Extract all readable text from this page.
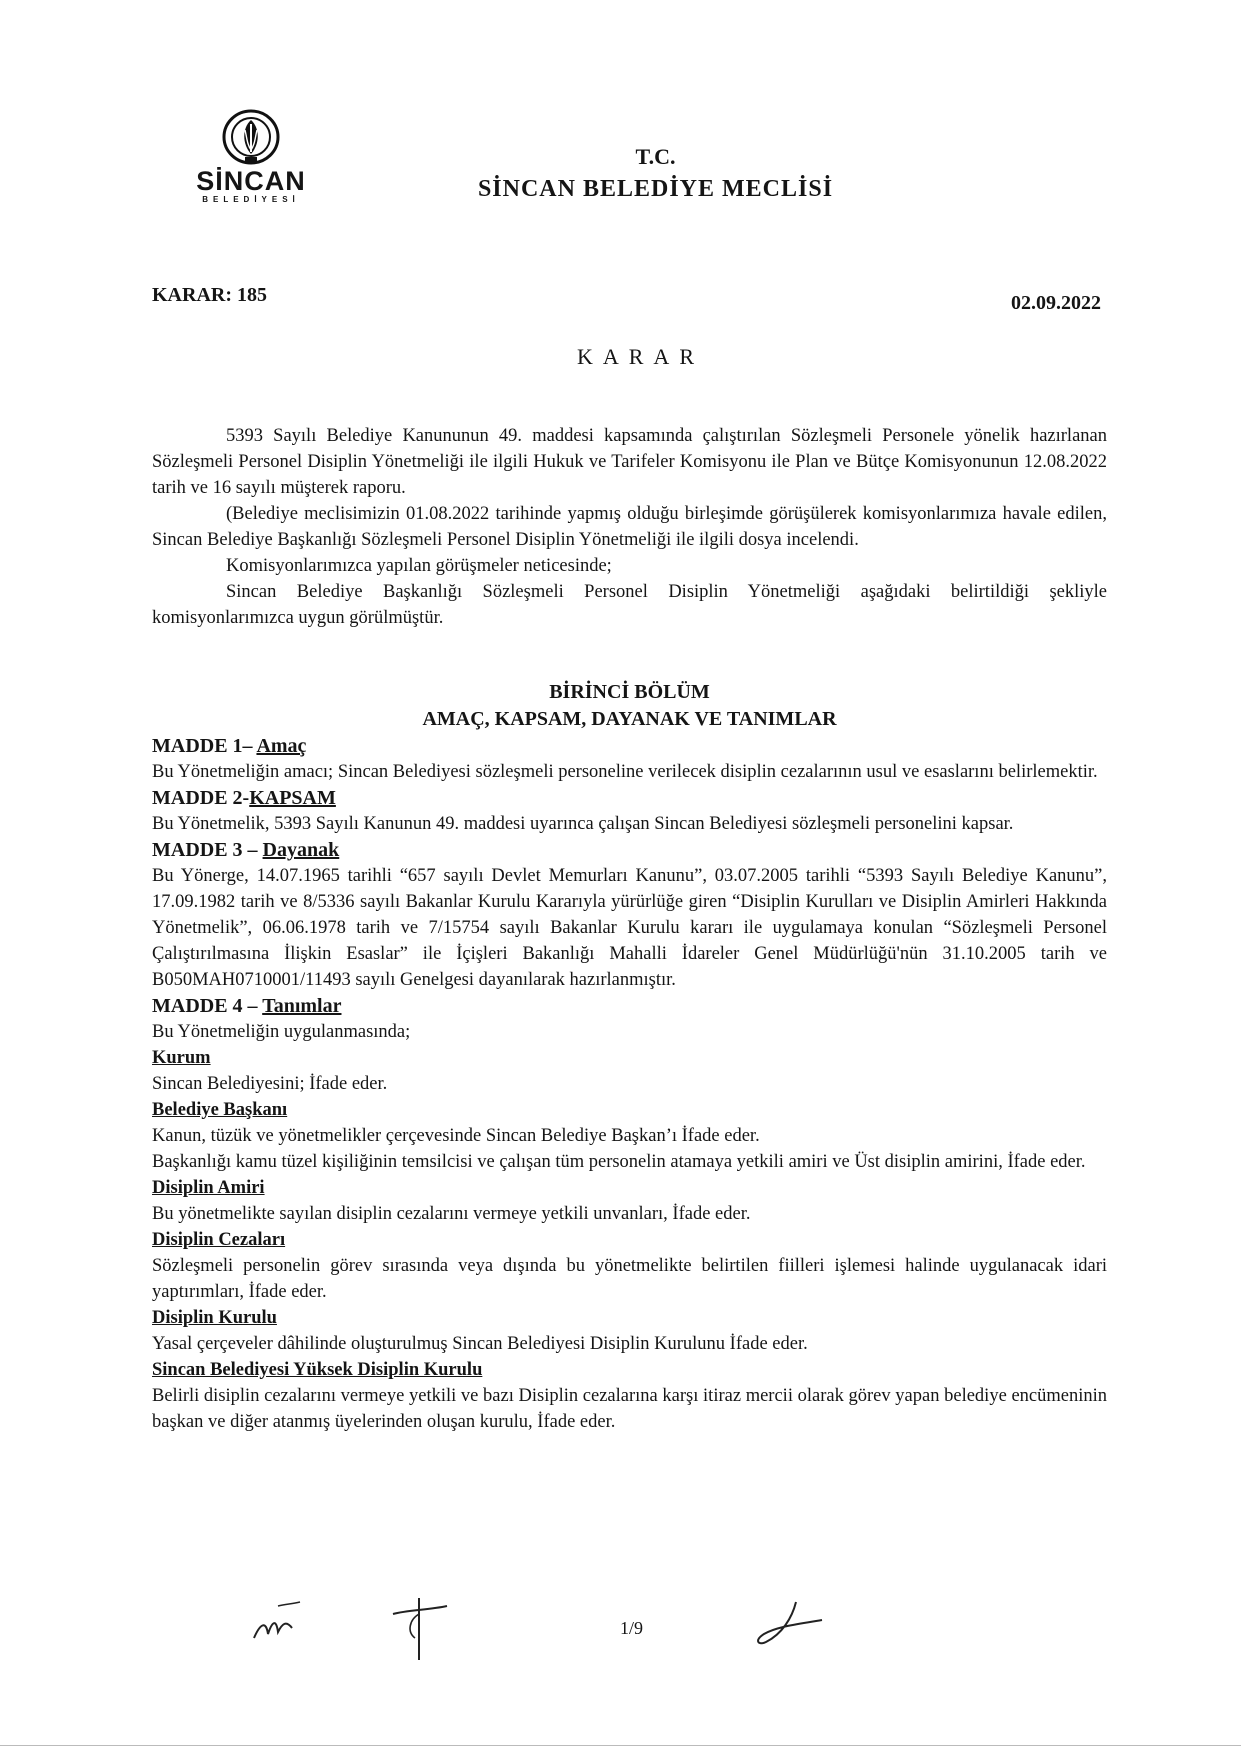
SİNCAN
BELEDİYESİ
T.C.
SİNCAN BELEDİYE MECLİSİ
KARAR: 185	02.09.2022
KARAR

5393 Sayılı Belediye Kanununun 49. maddesi kapsamında çalıştırılan Sözleşmeli Personele yönelik hazırlanan Sözleşmeli Personel Disiplin Yönetmeliği ile ilgili Hukuk ve Tarifeler Komisyonu ile Plan ve Bütçe Komisyonunun 12.08.2022 tarih ve 16 sayılı müşterek raporu.

(Belediye meclisimizin 01.08.2022 tarihinde yapmış olduğu birleşimde görüşülerek komisyonlarımıza havale edilen, Sincan Belediye Başkanlığı Sözleşmeli Personel Disiplin Yönetmeliği ile ilgili dosya incelendi.

Komisyonlarımızca yapılan görüşmeler neticesinde;

Sincan Belediye Başkanlığı Sözleşmeli Personel Disiplin Yönetmeliği aşağıdaki belirtildiği şekliyle komisyonlarımızca uygun görülmüştür.

BİRİNCİ BÖLÜM
AMAÇ, KAPSAM, DAYANAK VE TANIMLAR

MADDE 1– Amaç

Bu Yönetmeliğin amacı; Sincan Belediyesi sözleşmeli personeline verilecek disiplin cezalarının usul ve esaslarını belirlemektir.

MADDE 2-KAPSAM

Bu Yönetmelik, 5393 Sayılı Kanunun 49. maddesi uyarınca çalışan Sincan Belediyesi sözleşmeli personelini kapsar.

MADDE 3 – Dayanak

Bu Yönerge, 14.07.1965 tarihli “657 sayılı Devlet Memurları Kanunu”, 03.07.2005 tarihli “5393 Sayılı Belediye Kanunu”, 17.09.1982 tarih ve 8/5336 sayılı Bakanlar Kurulu Kararıyla yürürlüğe giren “Disiplin Kurulları ve Disiplin Amirleri Hakkında Yönetmelik”, 06.06.1978 tarih ve 7/15754 sayılı Bakanlar Kurulu kararı ile uygulamaya konulan “Sözleşmeli Personel Çalıştırılmasına İlişkin Esaslar” ile İçişleri Bakanlığı Mahalli İdareler Genel Müdürlüğü'nün 31.10.2005 tarih ve B050MAH0710001/11493 sayılı Genelgesi dayanılarak hazırlanmıştır.

MADDE 4 – Tanımlar

Bu Yönetmeliğin uygulanmasında;

Kurum

Sincan Belediyesini; İfade eder.

Belediye Başkanı

Kanun, tüzük ve yönetmelikler çerçevesinde Sincan Belediye Başkan’ı İfade eder.

Başkanlığı kamu tüzel kişiliğinin temsilcisi ve çalışan tüm personelin atamaya yetkili amiri ve Üst disiplin amirini, İfade eder.

Disiplin Amiri

Bu yönetmelikte sayılan disiplin cezalarını vermeye yetkili unvanları, İfade eder.

Disiplin Cezaları

Sözleşmeli personelin görev sırasında veya dışında bu yönetmelikte belirtilen fiilleri işlemesi halinde uygulanacak idari yaptırımları, İfade eder.

Disiplin Kurulu

Yasal çerçeveler dâhilinde oluşturulmuş Sincan Belediyesi Disiplin Kurulunu İfade eder.

Sincan Belediyesi Yüksek Disiplin Kurulu

Belirli disiplin cezalarını vermeye yetkili ve bazı Disiplin cezalarına karşı itiraz mercii olarak görev yapan belediye encümeninin başkan ve diğer atanmış üyelerinden oluşan kurulu, İfade eder.

1/9
